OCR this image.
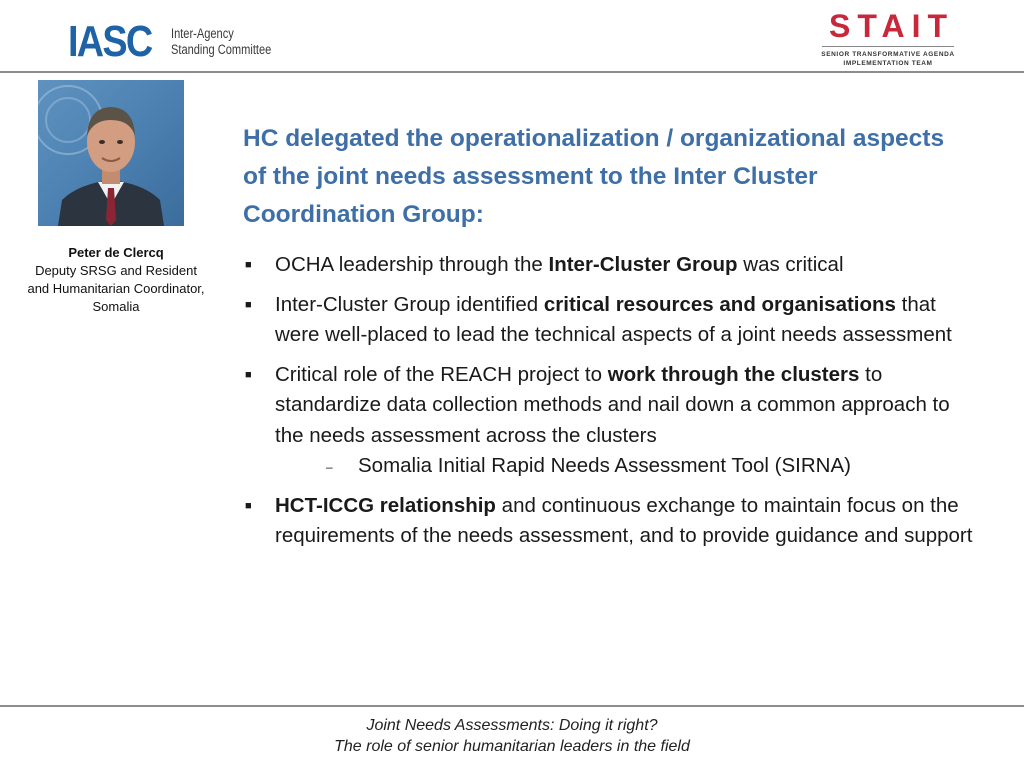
IASC Inter-Agency
Standing Committee
STAIT
SENIOR TRANSFORMATIVE AGENDA
IMPLEMENTATION TEAM
Peter de Clercq
Deputy SRSG and Resident
and Humanitarian Coordinator,
Somalia
HC delegated the operationalization / organizational aspects of the joint needs assessment to the Inter Cluster Coordination Group:
■ OCHA leadership through the Inter-Cluster Group was critical
■ Inter-Cluster Group identified critical resources and organisations that were well-placed to lead the technical aspects of a joint needs assessment
■ Critical role of the REACH project to work through the clusters to standardize data collection methods and nail down a common approach to the needs assessment across the clusters
– Somalia Initial Rapid Needs Assessment Tool (SIRNA)
■ HCT-ICCG relationship and continuous exchange to maintain focus on the requirements of the needs assessment, and to provide guidance and support
Joint Needs Assessments: Doing it right?
The role of senior humanitarian leaders in the field
